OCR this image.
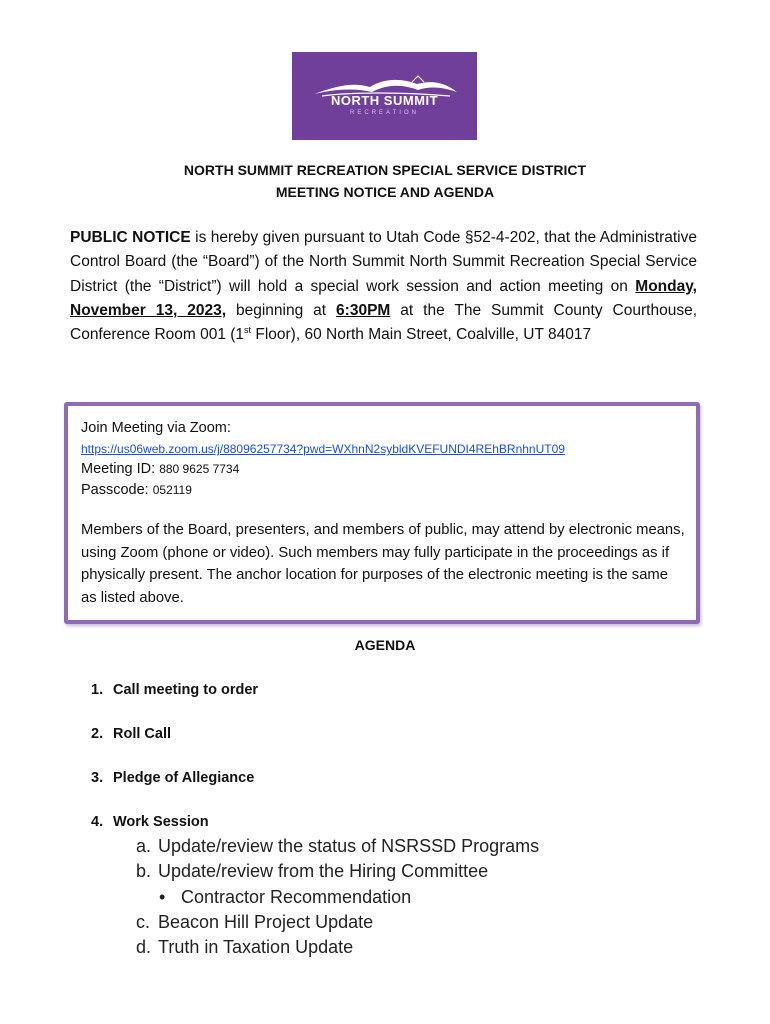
NORTH SUMMIT
RECREATION
NORTH SUMMIT RECREATION SPECIAL SERVICE DISTRICT
MEETING NOTICE AND AGENDA
PUBLIC NOTICE is hereby given pursuant to Utah Code §52-4-202, that the Administrative Control Board (the “Board”) of the North Summit North Summit Recreation Special Service District (the “District”) will hold a special work session and action meeting on Monday, November 13, 2023, beginning at 6:30PM at the The Summit County Courthouse, Conference Room 001 (1st Floor), 60 North Main Street, Coalville, UT 84017
Join Meeting via Zoom:
https://us06web.zoom.us/j/88096257734?pwd=WXhnN2sybldKVEFUNDI4REhBRnhnUT09
Meeting ID: 880 9625 7734
Passcode: 052119
Members of the Board, presenters, and members of public, may attend by electronic means, using Zoom (phone or video). Such members may fully participate in the proceedings as if physically present. The anchor location for purposes of the electronic meeting is the same as listed above.
AGENDA
1. Call meeting to order
2. Roll Call
3. Pledge of Allegiance
4. Work Session
a. Update/review the status of NSRSSD Programs
b. Update/review from the Hiring Committee
• Contractor Recommendation
c. Beacon Hill Project Update
d. Truth in Taxation Update
